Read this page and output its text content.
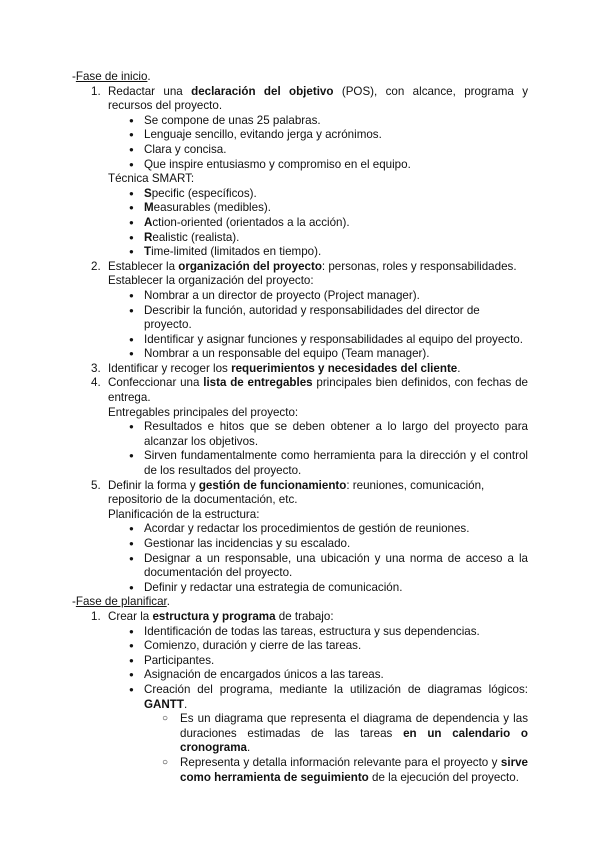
-Fase de inicio.
1. Redactar una declaración del objetivo (POS), con alcance, programa y recursos del proyecto.
● Se compone de unas 25 palabras.
● Lenguaje sencillo, evitando jerga y acrónimos.
● Clara y concisa.
● Que inspire entusiasmo y compromiso en el equipo.
Técnica SMART:
● Specific (específicos).
● Measurables (medibles).
● Action-oriented (orientados a la acción).
● Realistic (realista).
● Time-limited (limitados en tiempo).
2. Establecer la organización del proyecto: personas, roles y responsabilidades.
Establecer la organización del proyecto:
● Nombrar a un director de proyecto (Project manager).
● Describir la función, autoridad y responsabilidades del director de proyecto.
● Identificar y asignar funciones y responsabilidades al equipo del proyecto.
● Nombrar a un responsable del equipo (Team manager).
3. Identificar y recoger los requerimientos y necesidades del cliente.
4. Confeccionar una lista de entregables principales bien definidos, con fechas de entrega.
Entregables principales del proyecto:
● Resultados e hitos que se deben obtener a lo largo del proyecto para alcanzar los objetivos.
● Sirven fundamentalmente como herramienta para la dirección y el control de los resultados del proyecto.
5. Definir la forma y gestión de funcionamiento: reuniones, comunicación, repositorio de la documentación, etc.
Planificación de la estructura:
● Acordar y redactar los procedimientos de gestión de reuniones.
● Gestionar las incidencias y su escalado.
● Designar a un responsable, una ubicación y una norma de acceso a la documentación del proyecto.
● Definir y redactar una estrategia de comunicación.
-Fase de planificar.
1. Crear la estructura y programa de trabajo:
● Identificación de todas las tareas, estructura y sus dependencias.
● Comienzo, duración y cierre de las tareas.
● Participantes.
● Asignación de encargados únicos a las tareas.
● Creación del programa, mediante la utilización de diagramas lógicos: GANTT.
○ Es un diagrama que representa el diagrama de dependencia y las duraciones estimadas de las tareas en un calendario o cronograma.
○ Representa y detalla información relevante para el proyecto y sirve como herramienta de seguimiento de la ejecución del proyecto.
